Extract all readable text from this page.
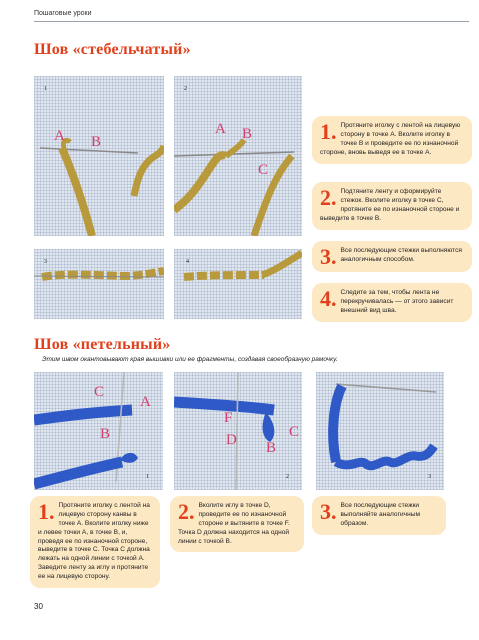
Пошаговые уроки
Шов «стебельчатый»
1
A B
2
A B
C
3	4
1. Протяните иголку с лентой на лицевую сторону в точке А. Вколите иголку в точке В и проведите ее по изнаночной стороне, вновь выведя ее в точке А.
2. Подтяните ленту и сформируйте стежок. Вколите иголку в точке С, протяните ее по изнаночной стороне и выведите в точке В.
3. Все последующие стежки выполняются аналогичным способом.
4. Следите за тем, чтобы лента не перекручивалась — от этого зависит внешний вид шва.
Шов «петельный»
Этим швом окантовывают края вышивки или ее фрагменты, создавая своеобразную рамочку.
C
A
B
1
F
D B
C
2	3
1. Протяните иголку с лентой на лицевую сторону канвы в точке А. Вколите иголку ниже и левее точки А, в точке В, и, проведя ее по изнаночной стороне, выведите в точке С. Точка С должна лежать на одной линии с точкой А. Заведите ленту за иглу и протяните ее на лицевую сторону.
2. Вколите иглу в точке D, проведите ее по изнаночной стороне и вытяните в точке F. Точка D должна находится на одной линии с точкой В.
3. Все последующие стежки выполняйте аналогичным образом.
30
